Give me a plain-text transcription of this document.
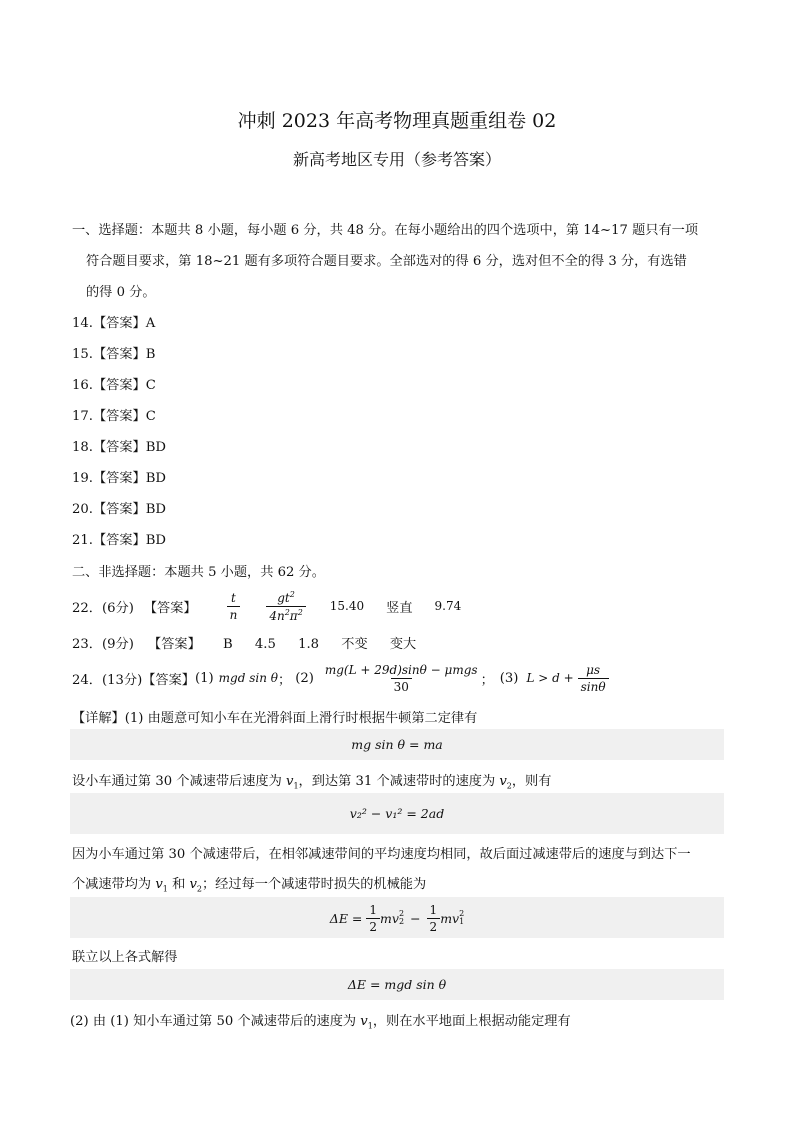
冲刺 2023 年高考物理真题重组卷 02
新高考地区专用（参考答案）
一、选择题：本题共 8 小题，每小题 6 分，共 48 分。在每小题给出的四个选项中，第 14~17 题只有一项
符合题目要求，第 18~21 题有多项符合题目要求。全部选对的得 6 分，选对但不全的得 3 分，有选错
的得 0 分。
14.【答案】A
15.【答案】B
16.【答案】C
17.【答案】C
18.【答案】BD
19.【答案】BD
20.【答案】BD
21.【答案】BD
二、非选择题：本题共 5 小题，共 62 分。
22．(6分) 【答案】	$\frac{t}{n} \frac{gt^2}{4n^2\pi^2} 15.40$ 竖直 9.74
23．(9分) 【答案】 B 4.5 1.8 不变 变大
24．(13分) 【答案】 (1) mgd sin θ ； $(2) \frac{\text{mg(L + 29d)sinθ − μmgs}}{30}$ ； (3) $L > d + \frac{\mu s}{\sin\theta}$
【详解】(1) 由题意可知小车在光滑斜面上滑行时根据牛顿第二定律有
mg sin θ = ma
设小车通过第 30 个减速带后速度为 $v_1$，到达第 31 个减速带时的速度为 $v_2$，则有
v₂² − v₁² = 2ad
因为小车通过第 30 个减速带后，在相邻减速带间的平均速度均相同，故后面过减速带后的速度与到达下一
个减速带均为 $v_1$ 和 $v_2$；经过每一个减速带时损失的机械能为
$\Delta E = \frac{1}{2}$ mv 2
$2 - \frac{1}{2}$ mv 2
1
联立以上各式解得
ΔE = mgd sin θ
(2) 由 (1) 知小车通过第 50 个减速带后的速度为 $v_1$，则在水平地面上根据动能定理有
